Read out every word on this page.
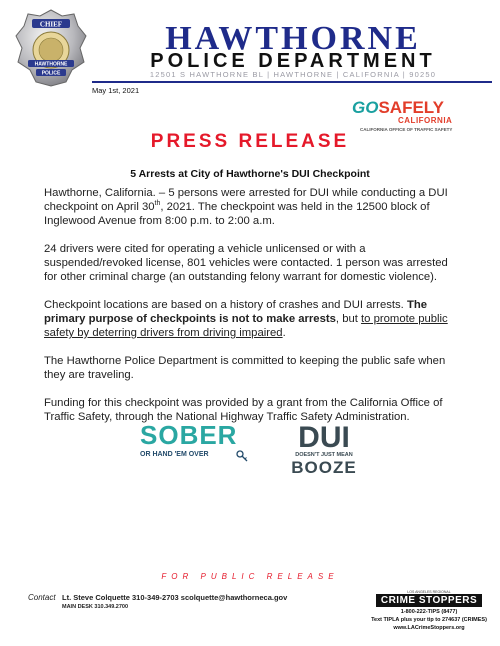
CHIEF
HAWTHORNE
POLICE
HAWTHORNE
POLICE DEPARTMENT
12501 S HAWTHORNE BL | HAWTHORNE | CALIFORNIA | 90250
May 1st, 2021
GOSAFELY
CALIFORNIA
CALIFORNIA OFFICE OF TRAFFIC SAFETY
PRESS RELEASE
5 Arrests at City of Hawthorne's DUI Checkpoint

Hawthorne, California. – 5 persons were arrested for DUI while conducting a DUI checkpoint on April 30th, 2021. The checkpoint was held in the 12500 block of Inglewood Avenue from 8:00 p.m. to 2:00 a.m.

24 drivers were cited for operating a vehicle unlicensed or with a suspended/revoked license, 801 vehicles were contacted. 1 person was arrested for other criminal charge (an outstanding felony warrant for domestic violence).

Checkpoint locations are based on a history of crashes and DUI arrests. The primary purpose of checkpoints is not to make arrests, but to promote public safety by deterring drivers from driving impaired.

The Hawthorne Police Department is committed to keeping the public safe when they are traveling.

Funding for this checkpoint was provided by a grant from the California Office of Traffic Safety, through the National Highway Traffic Safety Administration.

SOBER
OR HAND 'EM OVER
DUI
DOESN'T JUST MEAN
BOOZE
FOR PUBLIC RELEASE
Contact Lt. Steve Colquette 310-349-2703 scolquette@hawthorneca.gov
MAIN DESK 310.349.2700
LOS ANGELES REGIONAL
CRIME STOPPERS
1-800-222-TIPS (8477)
Text TIPLA plus your tip to 274637 (CRIMES)
www.LACrimeStoppers.org
